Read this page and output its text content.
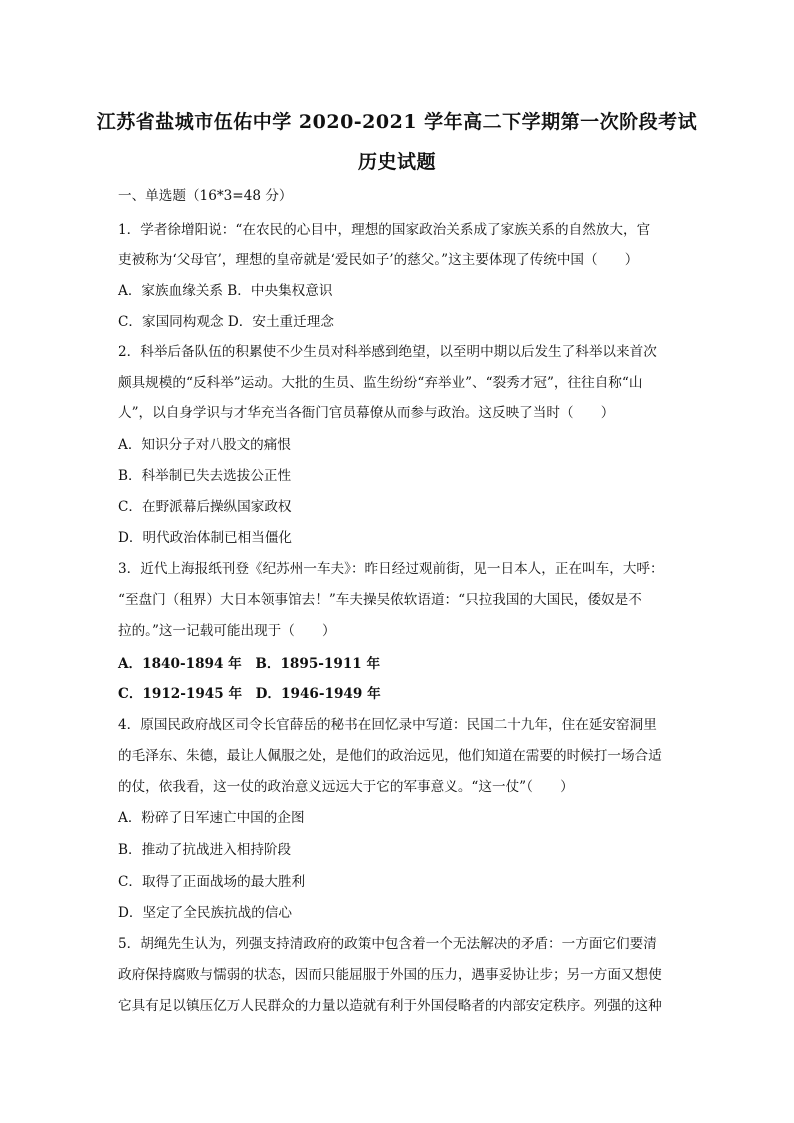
江苏省盐城市伍佑中学 2020-2021 学年高二下学期第一次阶段考试
历史试题
一、单选题（16*3=48 分）
1．学者徐增阳说：“在农民的心目中，理想的国家政治关系成了家族关系的自然放大，官
吏被称为‘父母官’，理想的皇帝就是‘爱民如子’的慈父。”这主要体现了传统中国（　　）
A．家族血缘关系 B．中央集权意识
C．家国同构观念 D．安土重迁理念
2．科举后备队伍的积累使不少生员对科举感到绝望，以至明中期以后发生了科举以来首次
颇具规模的“反科举”运动。大批的生员、监生纷纷“弃举业”、“裂秀才冠”，往往自称“山
人”，以自身学识与才华充当各衙门官员幕僚从而参与政治。这反映了当时（　　）
A．知识分子对八股文的痛恨
B．科举制已失去选拔公正性
C．在野派幕后操纵国家政权
D．明代政治体制已相当僵化
3．近代上海报纸刊登《纪苏州一车夫》：昨日经过观前街，见一日本人，正在叫车，大呼：
“至盘门（租界）大日本领事馆去！”车夫操吴侬软语道：“只拉我国的大国民，倭奴是不
拉的。”这一记载可能出现于（　　）
A．1840-1894 年　B．1895-1911 年
C．1912-1945 年　D．1946-1949 年
4．原国民政府战区司令长官薛岳的秘书在回忆录中写道：民国二十九年，住在延安窑洞里
的毛泽东、朱德，最让人佩服之处，是他们的政治远见，他们知道在需要的时候打一场合适
的仗，依我看，这一仗的政治意义远远大于它的军事意义。“这一仗”（　　）
A．粉碎了日军速亡中国的企图
B．推动了抗战进入相持阶段
C．取得了正面战场的最大胜利
D．坚定了全民族抗战的信心
5．胡绳先生认为，列强支持清政府的政策中包含着一个无法解决的矛盾：一方面它们要清
政府保持腐败与懦弱的状态，因而只能屈服于外国的压力，遇事妥协让步；另一方面又想使
它具有足以镇压亿万人民群众的力量以造就有利于外国侵略者的内部安定秩序。列强的这种
